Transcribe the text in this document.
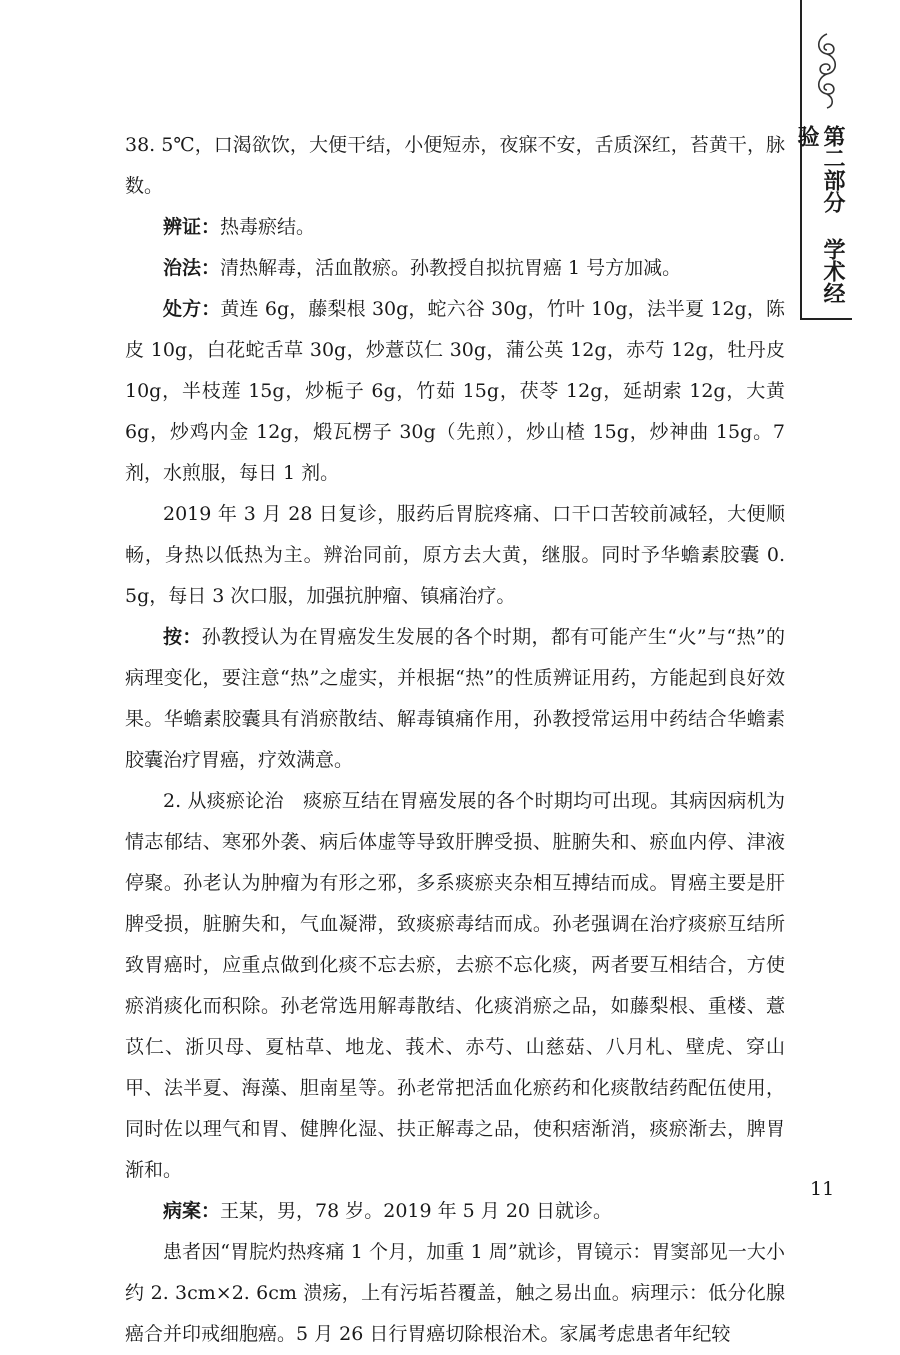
第二部分 学术经验

38. 5℃，口渴欲饮，大便干结，小便短赤，夜寐不安，舌质深红，苔黄干，脉数。

辨证：热毒瘀结。

治法：清热解毒，活血散瘀。孙教授自拟抗胃癌 1 号方加减。

处方：黄连 6g，藤梨根 30g，蛇六谷 30g，竹叶 10g，法半夏 12g，陈皮 10g，白花蛇舌草 30g，炒薏苡仁 30g，蒲公英 12g，赤芍 12g，牡丹皮 10g，半枝莲 15g，炒栀子 6g，竹茹 15g，茯苓 12g，延胡索 12g，大黄 6g，炒鸡内金 12g，煅瓦楞子 30g（先煎），炒山楂 15g，炒神曲 15g。7 剂，水煎服，每日 1 剂。

2019 年 3 月 28 日复诊，服药后胃脘疼痛、口干口苦较前减轻，大便顺畅，身热以低热为主。辨治同前，原方去大黄，继服。同时予华蟾素胶囊 0. 5g，每日 3 次口服，加强抗肿瘤、镇痛治疗。

按：孙教授认为在胃癌发生发展的各个时期，都有可能产生“火”与“热”的病理变化，要注意“热”之虚实，并根据“热”的性质辨证用药，方能起到良好效果。华蟾素胶囊具有消瘀散结、解毒镇痛作用，孙教授常运用中药结合华蟾素胶囊治疗胃癌，疗效满意。

2. 从痰瘀论治　痰瘀互结在胃癌发展的各个时期均可出现。其病因病机为情志郁结、寒邪外袭、病后体虚等导致肝脾受损、脏腑失和、瘀血内停、津液停聚。孙老认为肿瘤为有形之邪，多系痰瘀夹杂相互搏结而成。胃癌主要是肝脾受损，脏腑失和，气血凝滞，致痰瘀毒结而成。孙老强调在治疗痰瘀互结所致胃癌时，应重点做到化痰不忘去瘀，去瘀不忘化痰，两者要互相结合，方使瘀消痰化而积除。孙老常选用解毒散结、化痰消瘀之品，如藤梨根、重楼、薏苡仁、浙贝母、夏枯草、地龙、莪术、赤芍、山慈菇、八月札、壁虎、穿山甲、法半夏、海藻、胆南星等。孙老常把活血化瘀药和化痰散结药配伍使用，同时佐以理气和胃、健脾化湿、扶正解毒之品，使积痞渐消，痰瘀渐去，脾胃渐和。

病案：王某，男，78 岁。2019 年 5 月 20 日就诊。

患者因“胃脘灼热疼痛 1 个月，加重 1 周”就诊，胃镜示：胃窦部见一大小约 2. 3cm×2. 6cm 溃疡，上有污垢苔覆盖，触之易出血。病理示：低分化腺癌合并印戒细胞癌。5 月 26 日行胃癌切除根治术。家属考虑患者年纪较

11
